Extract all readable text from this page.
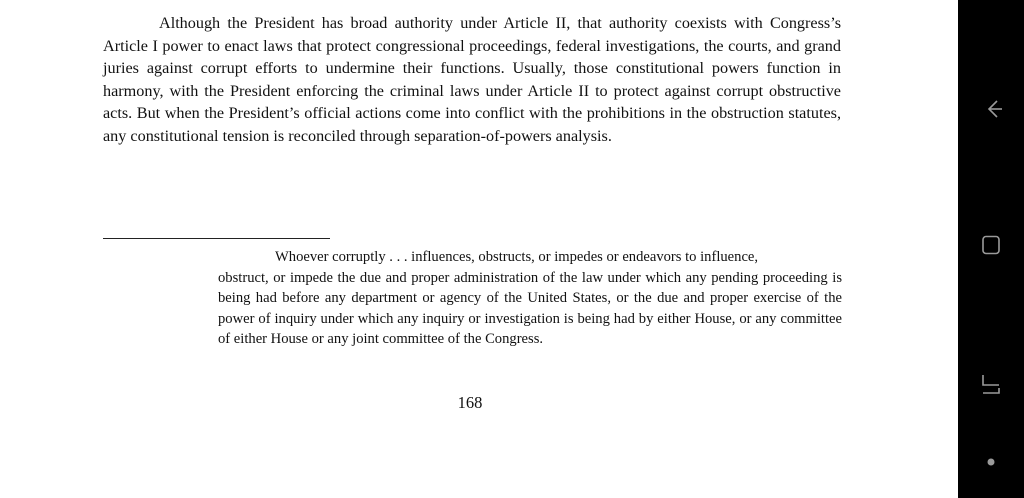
Although the President has broad authority under Article II, that authority coexists with Congress’s Article I power to enact laws that protect congressional proceedings, federal investigations, the courts, and grand juries against corrupt efforts to undermine their functions. Usually, those constitutional powers function in harmony, with the President enforcing the criminal laws under Article II to protect against corrupt obstructive acts. But when the President’s official actions come into conflict with the prohibitions in the obstruction statutes, any constitutional tension is reconciled through separation-of-powers analysis.

Whoever corruptly . . . influences, obstructs, or impedes or endeavors to influence,
obstruct, or impede the due and proper administration of the law under which any pending proceeding is being had before any department or agency of the United States, or the due and proper exercise of the power of inquiry under which any inquiry or investigation is being had by either House, or any committee of either House or any joint committee of the Congress.

168
